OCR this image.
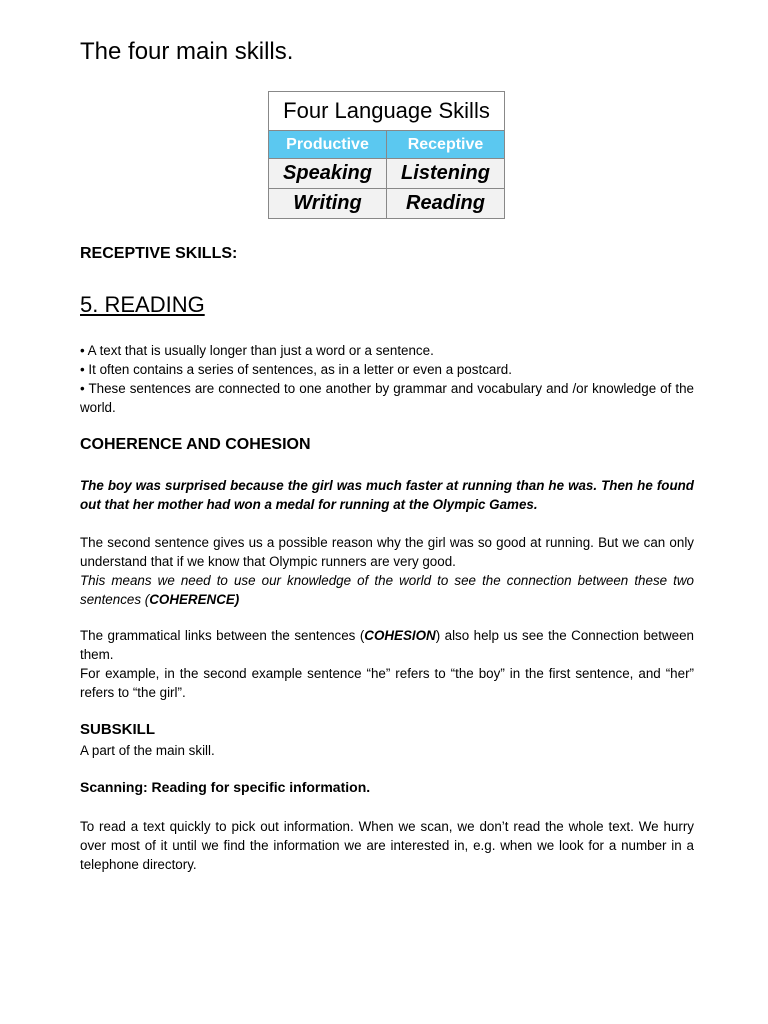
The four main skills.
Four Language Skills	
Productive	Receptive
Speaking	Listening
Writing	Reading
RECEPTIVE SKILLS:
5. READING
• A text that is usually longer than just a word or a sentence.
• It often contains a series of sentences, as in a letter or even a postcard.
• These sentences are connected to one another by grammar and vocabulary and /or knowledge of the world.
COHERENCE AND COHESION

The boy was surprised because the girl was much faster at running than he was. Then he found out that her mother had won a medal for running at the Olympic Games.

The second sentence gives us a possible reason why the girl was so good at running. But we can only understand that if we know that Olympic runners are very good.
This means we need to use our knowledge of the world to see the connection between these two sentences (COHERENCE)
The grammatical links between the sentences (COHESION) also help us see the Connection between them.
For example, in the second example sentence “he” refers to “the boy” in the first sentence, and “her” refers to “the girl”.
SUBSKILL

A part of the main skill.

Scanning: Reading for specific information.

To read a text quickly to pick out information. When we scan, we don’t read the whole text. We hurry over most of it until we find the information we are interested in, e.g. when we look for a number in a telephone directory.
